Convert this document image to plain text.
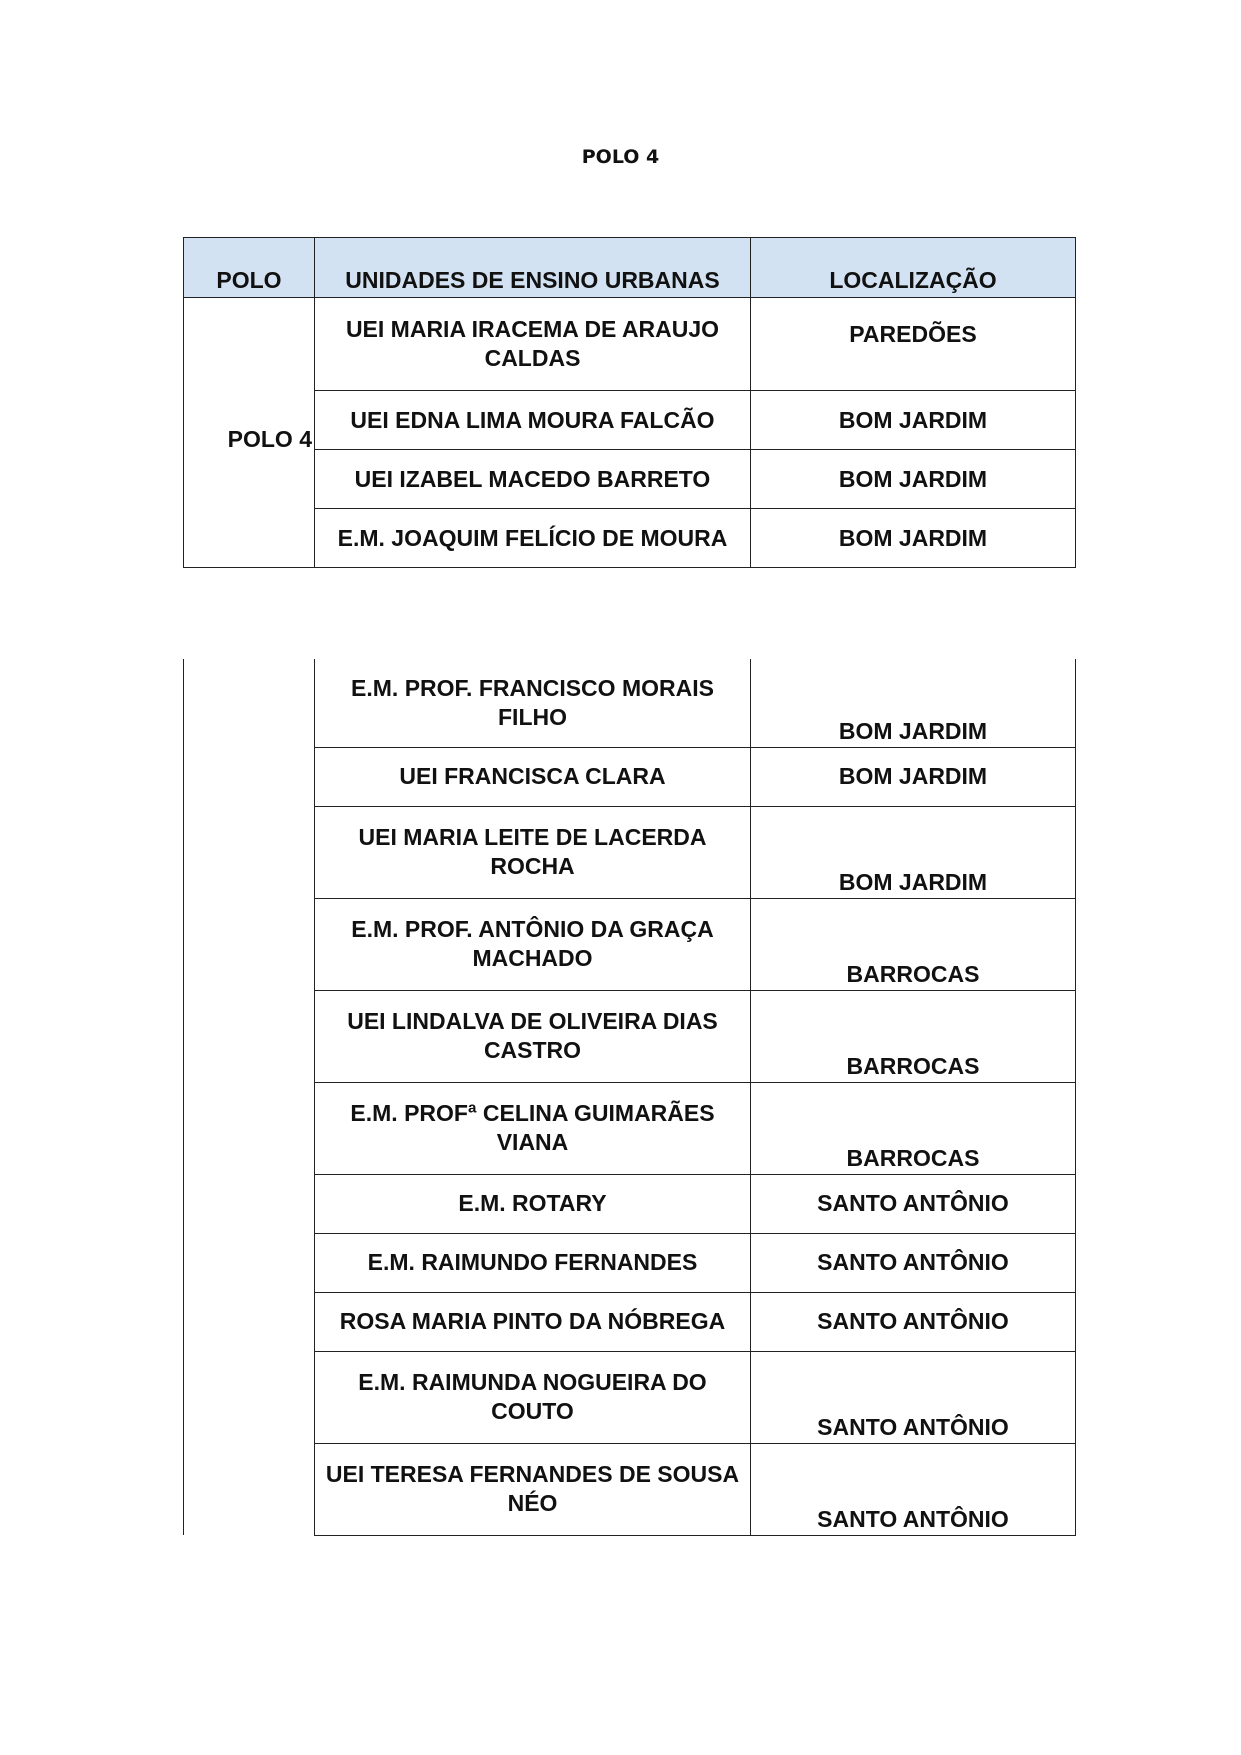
POLO 4
POLO	UNIDADES DE ENSINO URBANAS	LOCALIZAÇÃO
POLO 4	UEI MARIA IRACEMA DE ARAUJO CALDAS	PAREDÕES
	UEI EDNA LIMA MOURA FALCÃO	BOM JARDIM
	UEI IZABEL MACEDO BARRETO	BOM JARDIM
	E.M. JOAQUIM FELÍCIO DE MOURA	BOM JARDIM
	E.M. PROF. FRANCISCO MORAIS FILHO	BOM JARDIM
	UEI FRANCISCA CLARA	BOM JARDIM
	UEI MARIA LEITE DE LACERDA ROCHA	BOM JARDIM
	E.M. PROF. ANTÔNIO DA GRAÇA MACHADO	BARROCAS
	UEI LINDALVA DE OLIVEIRA DIAS CASTRO	BARROCAS
	E.M. PROFª CELINA GUIMARÃES VIANA	BARROCAS
	E.M. ROTARY	SANTO ANTÔNIO
	E.M. RAIMUNDO FERNANDES	SANTO ANTÔNIO
	ROSA MARIA PINTO DA NÓBREGA	SANTO ANTÔNIO
	E.M. RAIMUNDA NOGUEIRA DO COUTO	SANTO ANTÔNIO
	UEI TERESA FERNANDES DE SOUSA NÉO	SANTO ANTÔNIO
